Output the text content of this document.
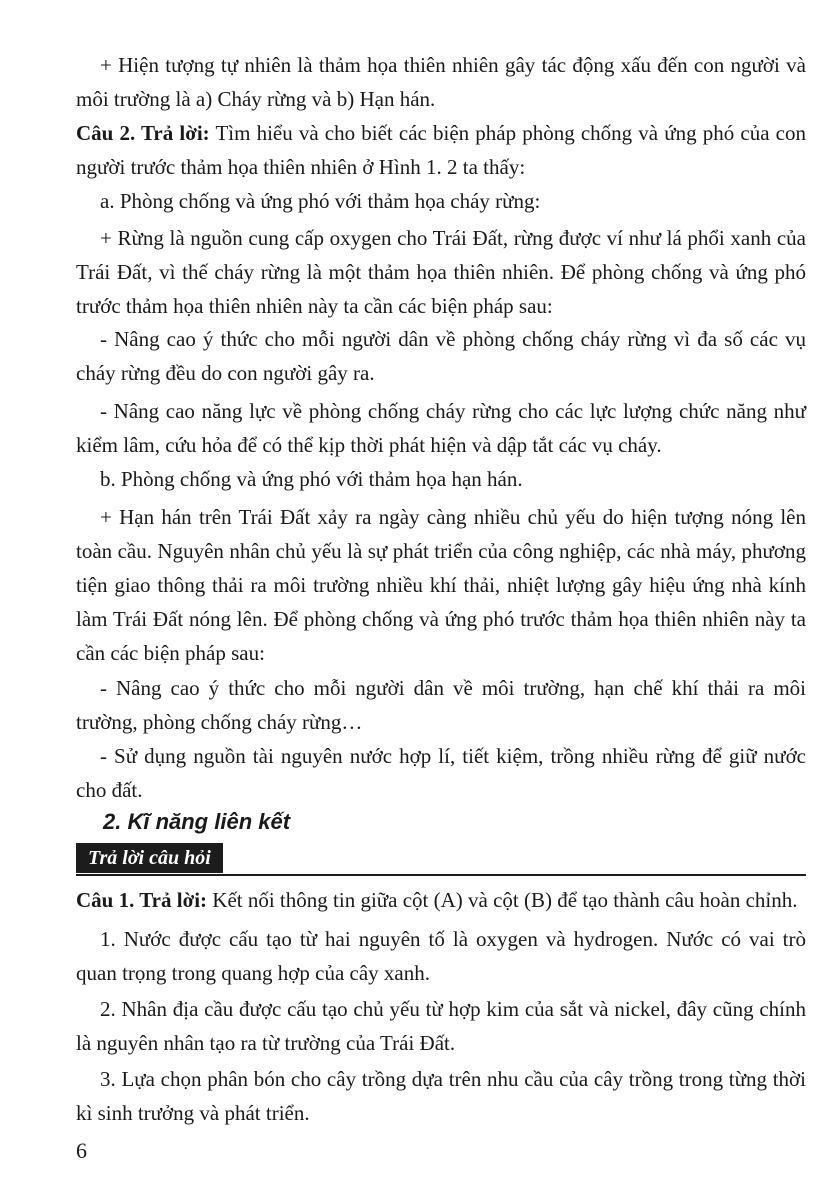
+ Hiện tượng tự nhiên là thảm họa thiên nhiên gây tác động xấu đến con người và môi trường là a) Cháy rừng và b) Hạn hán.

Câu 2. Trả lời: Tìm hiểu và cho biết các biện pháp phòng chống và ứng phó của con người trước thảm họa thiên nhiên ở Hình 1. 2 ta thấy:

a. Phòng chống và ứng phó với thảm họa cháy rừng:

+ Rừng là nguồn cung cấp oxygen cho Trái Đất, rừng được ví như lá phổi xanh của Trái Đất, vì thế cháy rừng là một thảm họa thiên nhiên. Để phòng chống và ứng phó trước thảm họa thiên nhiên này ta cần các biện pháp sau:

- Nâng cao ý thức cho mỗi người dân về phòng chống cháy rừng vì đa số các vụ cháy rừng đều do con người gây ra.

- Nâng cao năng lực về phòng chống cháy rừng cho các lực lượng chức năng như kiểm lâm, cứu hỏa để có thể kịp thời phát hiện và dập tắt các vụ cháy.

b. Phòng chống và ứng phó với thảm họa hạn hán.

+ Hạn hán trên Trái Đất xảy ra ngày càng nhiều chủ yếu do hiện tượng nóng lên toàn cầu. Nguyên nhân chủ yếu là sự phát triển của công nghiệp, các nhà máy, phương tiện giao thông thải ra môi trường nhiều khí thải, nhiệt lượng gây hiệu ứng nhà kính làm Trái Đất nóng lên. Để phòng chống và ứng phó trước thảm họa thiên nhiên này ta cần các biện pháp sau:

- Nâng cao ý thức cho mỗi người dân về môi trường, hạn chế khí thải ra môi trường, phòng chống cháy rừng…

- Sử dụng nguồn tài nguyên nước hợp lí, tiết kiệm, trồng nhiều rừng để giữ nước cho đất.

2. Kĩ năng liên kết
Trả lời câu hỏi

Câu 1. Trả lời: Kết nối thông tin giữa cột (A) và cột (B) để tạo thành câu hoàn chỉnh.

1. Nước được cấu tạo từ hai nguyên tố là oxygen và hydrogen. Nước có vai trò quan trọng trong quang hợp của cây xanh.

2. Nhân địa cầu được cấu tạo chủ yếu từ hợp kim của sắt và nickel, đây cũng chính là nguyên nhân tạo ra từ trường của Trái Đất.

3. Lựa chọn phân bón cho cây trồng dựa trên nhu cầu của cây trồng trong từng thời kì sinh trưởng và phát triển.

6
